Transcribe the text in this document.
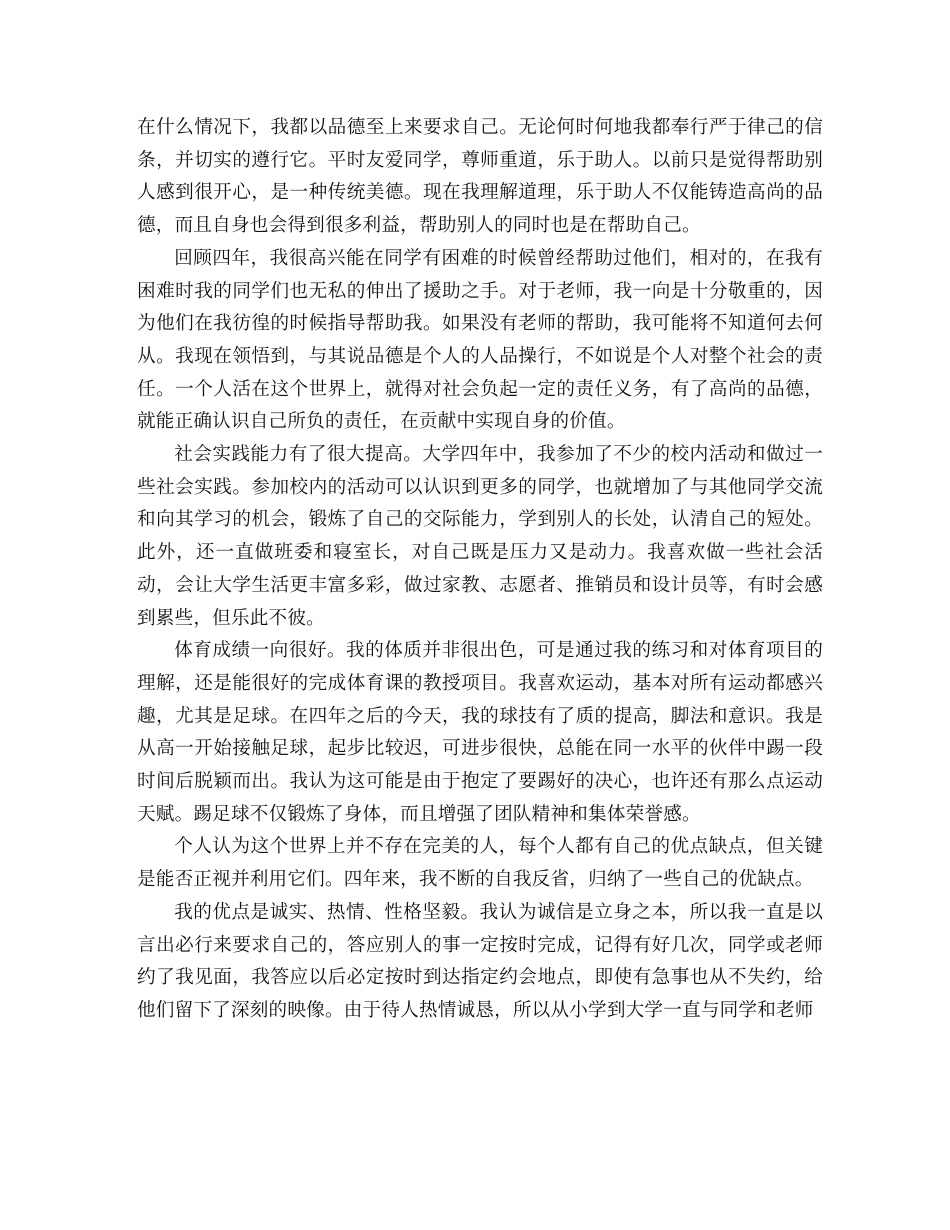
在什么情况下，我都以品德至上来要求自己。无论何时何地我都奉行严于律己的信条，并切实的遵行它。平时友爱同学，尊师重道，乐于助人。以前只是觉得帮助别人感到很开心，是一种传统美德。现在我理解道理，乐于助人不仅能铸造高尚的品德，而且自身也会得到很多利益，帮助别人的同时也是在帮助自己。

回顾四年，我很高兴能在同学有困难的时候曾经帮助过他们，相对的，在我有困难时我的同学们也无私的伸出了援助之手。对于老师，我一向是十分敬重的，因为他们在我彷徨的时候指导帮助我。如果没有老师的帮助，我可能将不知道何去何从。我现在领悟到，与其说品德是个人的人品操行，不如说是个人对整个社会的责任。一个人活在这个世界上，就得对社会负起一定的责任义务，有了高尚的品德，就能正确认识自己所负的责任，在贡献中实现自身的价值。

社会实践能力有了很大提高。大学四年中，我参加了不少的校内活动和做过一些社会实践。参加校内的活动可以认识到更多的同学，也就增加了与其他同学交流和向其学习的机会，锻炼了自己的交际能力，学到别人的长处，认清自己的短处。此外，还一直做班委和寝室长，对自己既是压力又是动力。我喜欢做一些社会活动，会让大学生活更丰富多彩，做过家教、志愿者、推销员和设计员等，有时会感到累些，但乐此不彼。

体育成绩一向很好。我的体质并非很出色，可是通过我的练习和对体育项目的理解，还是能很好的完成体育课的教授项目。我喜欢运动，基本对所有运动都感兴趣，尤其是足球。在四年之后的今天，我的球技有了质的提高，脚法和意识。我是从高一开始接触足球，起步比较迟，可进步很快，总能在同一水平的伙伴中踢一段时间后脱颖而出。我认为这可能是由于抱定了要踢好的决心，也许还有那么点运动天赋。踢足球不仅锻炼了身体，而且增强了团队精神和集体荣誉感。

个人认为这个世界上并不存在完美的人，每个人都有自己的优点缺点，但关键是能否正视并利用它们。四年来，我不断的自我反省，归纳了一些自己的优缺点。

我的优点是诚实、热情、性格坚毅。我认为诚信是立身之本，所以我一直是以言出必行来要求自己的，答应别人的事一定按时完成，记得有好几次，同学或老师约了我见面，我答应以后必定按时到达指定约会地点，即使有急事也从不失约，给他们留下了深刻的映像。由于待人热情诚恳，所以从小学到大学一直与同学和老师
